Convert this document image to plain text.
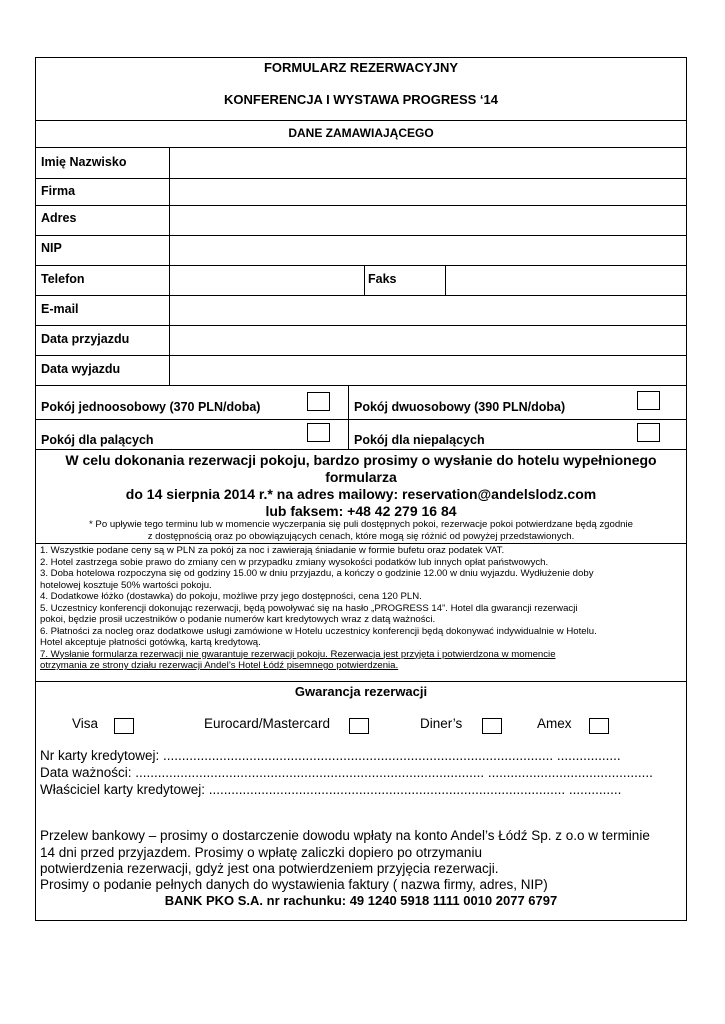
FORMULARZ REZERWACYJNY
KONFERENCJA I WYSTAWA PROGRESS ‘14
DANE ZAMAWIAJĄCEGO
Imię Nazwisko
Firma
Adres
NIP
Telefon	Faks
E-mail
Data przyjazdu
Data wyjazdu
Pokój jednoosobowy (370 PLN/doba)	Pokój dwuosobowy (390 PLN/doba)
Pokój dla palących	Pokój dla niepalących
W celu dokonania rezerwacji pokoju, bardzo prosimy o wysłanie do hotelu wypełnionego
formularza
do 14 sierpnia 2014 r.* na adres mailowy: reservation@andelslodz.com
lub faksem: +48 42 279 16 84
* Po upływie tego terminu lub w momencie wyczerpania się puli dostępnych pokoi, rezerwacje pokoi potwierdzane będą zgodnie
z dostępnością oraz po obowiązujących cenach, które mogą się różnić od powyżej przedstawionych.
1. Wszystkie podane ceny są w PLN za pokój za noc i zawierają śniadanie w formie bufetu oraz podatek VAT.
2. Hotel zastrzega sobie prawo do zmiany cen w przypadku zmiany wysokości podatków lub innych opłat państwowych.
3. Doba hotelowa rozpoczyna się od godziny 15.00 w dniu przyjazdu, a kończy o godzinie 12.00 w dniu wyjazdu. Wydłużenie doby
hotelowej kosztuje 50% wartości pokoju.
4. Dodatkowe łóżko (dostawka) do pokoju, możliwe przy jego dostępności, cena 120 PLN.
5. Uczestnicy konferencji dokonując rezerwacji, będą powoływać się na hasło „PROGRESS 14”. Hotel dla gwarancji rezerwacji
pokoi, będzie prosił uczestników o podanie numerów kart kredytowych wraz z datą ważności.
6. Płatności za nocleg oraz dodatkowe usługi zamówione w Hotelu uczestnicy konferencji będą dokonywać indywidualnie w Hotelu.
Hotel akceptuje płatności gotówką, kartą kredytową.
7. Wysłanie formularza rezerwacji nie gwarantuje rezerwacji pokoju. Rezerwacja jest przyjęta i potwierdzona w momencie
otrzymania ze strony działu rezerwacji Andel’s Hotel Łódź pisemnego potwierdzenia.
Gwarancja rezerwacji
Visa	Eurocard/Mastercard	Diner’s	Amex
Nr karty kredytowej: ........................................................................................................ .................
Data ważności: ............................................................................................. ............................................
Właściciel karty kredytowej: ............................................................................................... ..............
Przelew bankowy – prosimy o dostarczenie dowodu wpłaty na konto Andel’s Łódź Sp. z o.o w terminie
14 dni przed przyjazdem. Prosimy o wpłatę zaliczki dopiero po otrzymaniu
potwierdzenia rezerwacji, gdyż jest ona potwierdzeniem przyjęcia rezerwacji.
Prosimy o podanie pełnych danych do wystawienia faktury ( nazwa firmy, adres, NIP)
BANK PKO S.A. nr rachunku: 49 1240 5918 1111 0010 2077 6797
